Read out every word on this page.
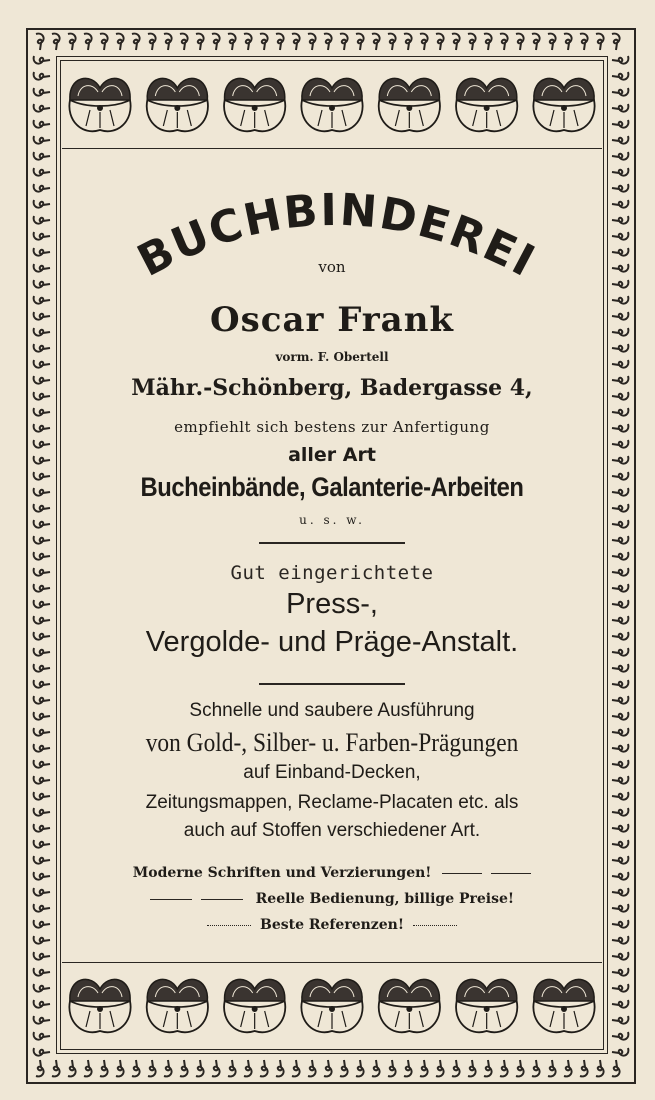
BUCHBINDEREI
von
Oscar Frank
vorm. F. Obertell
Mähr.-Schönberg, Badergasse 4,
empfiehlt sich bestens zur Anfertigung
aller Art
Bucheinbände, Galanterie-Arbeiten
u. s. w.
Gut eingerichtete
Press-,
Vergolde- und Präge-Anstalt.
Schnelle und saubere Ausführung
von Gold-, Silber- u. Farben-Prägungen
auf Einband-Decken,
Zeitungsmappen, Reclame-Placaten etc. als
auch auf Stoffen verschiedener Art.
Moderne Schriften und Verzierungen!
Reelle Bedienung, billige Preise!
Beste Referenzen!
